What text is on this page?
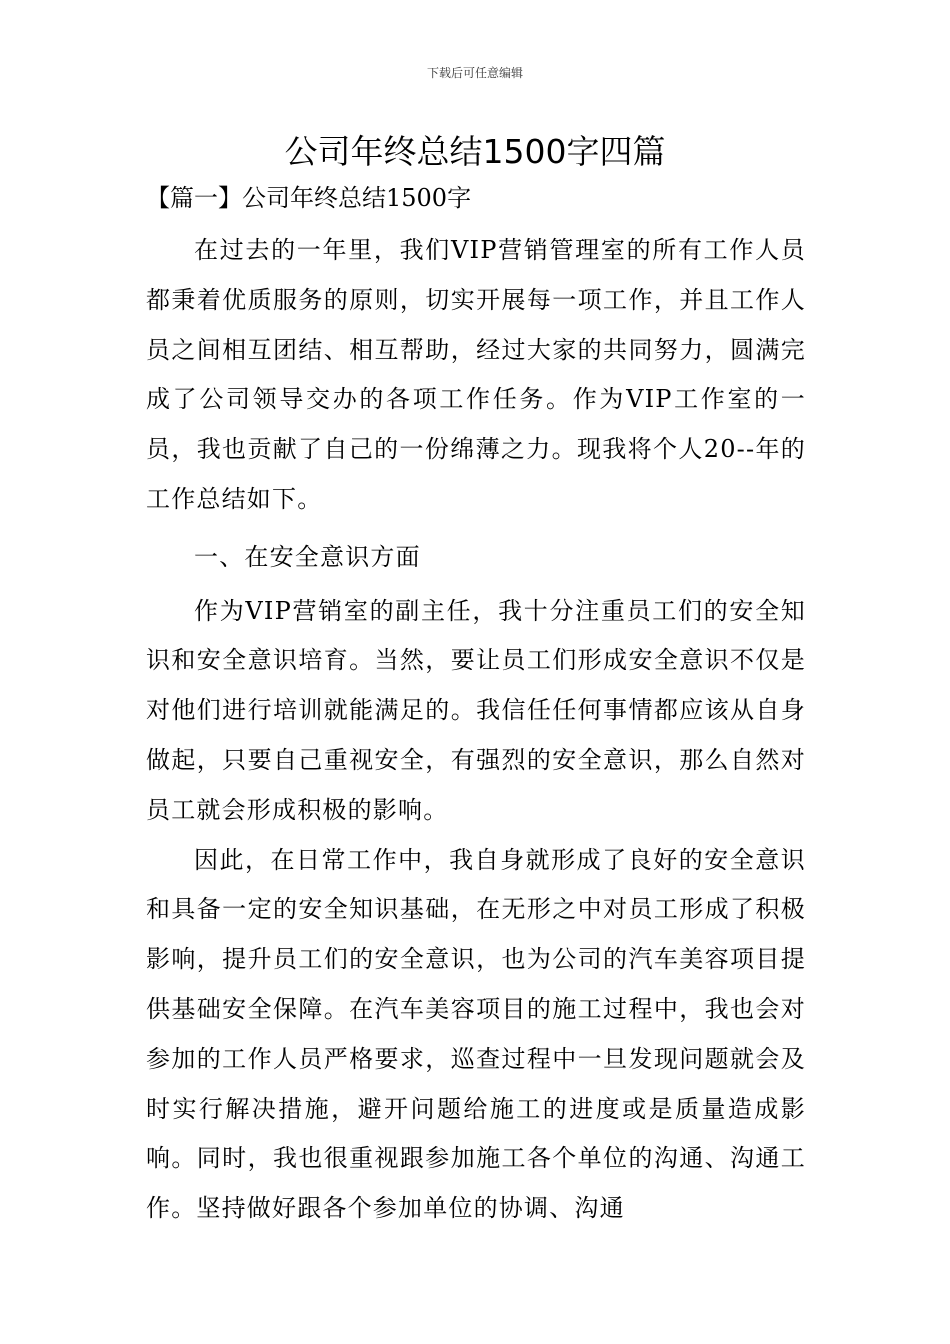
下载后可任意编辑
公司年终总结1500字四篇
【篇一】公司年终总结1500字

在过去的一年里，我们VIP营销管理室的所有工作人员都秉着优质服务的原则，切实开展每一项工作，并且工作人员之间相互团结、相互帮助，经过大家的共同努力，圆满完成了公司领导交办的各项工作任务。作为VIP工作室的一员，我也贡献了自己的一份绵薄之力。现我将个人20--年的工作总结如下。

一、在安全意识方面

作为VIP营销室的副主任，我十分注重员工们的安全知识和安全意识培育。当然，要让员工们形成安全意识不仅是对他们进行培训就能满足的。我信任任何事情都应该从自身做起，只要自己重视安全，有强烈的安全意识，那么自然对员工就会形成积极的影响。

因此，在日常工作中，我自身就形成了良好的安全意识和具备一定的安全知识基础，在无形之中对员工形成了积极影响，提升员工们的安全意识，也为公司的汽车美容项目提供基础安全保障。在汽车美容项目的施工过程中，我也会对参加的工作人员严格要求，巡查过程中一旦发现问题就会及时实行解决措施，避开问题给施工的进度或是质量造成影响。同时，我也很重视跟参加施工各个单位的沟通、沟通工作。坚持做好跟各个参加单位的协调、沟通
